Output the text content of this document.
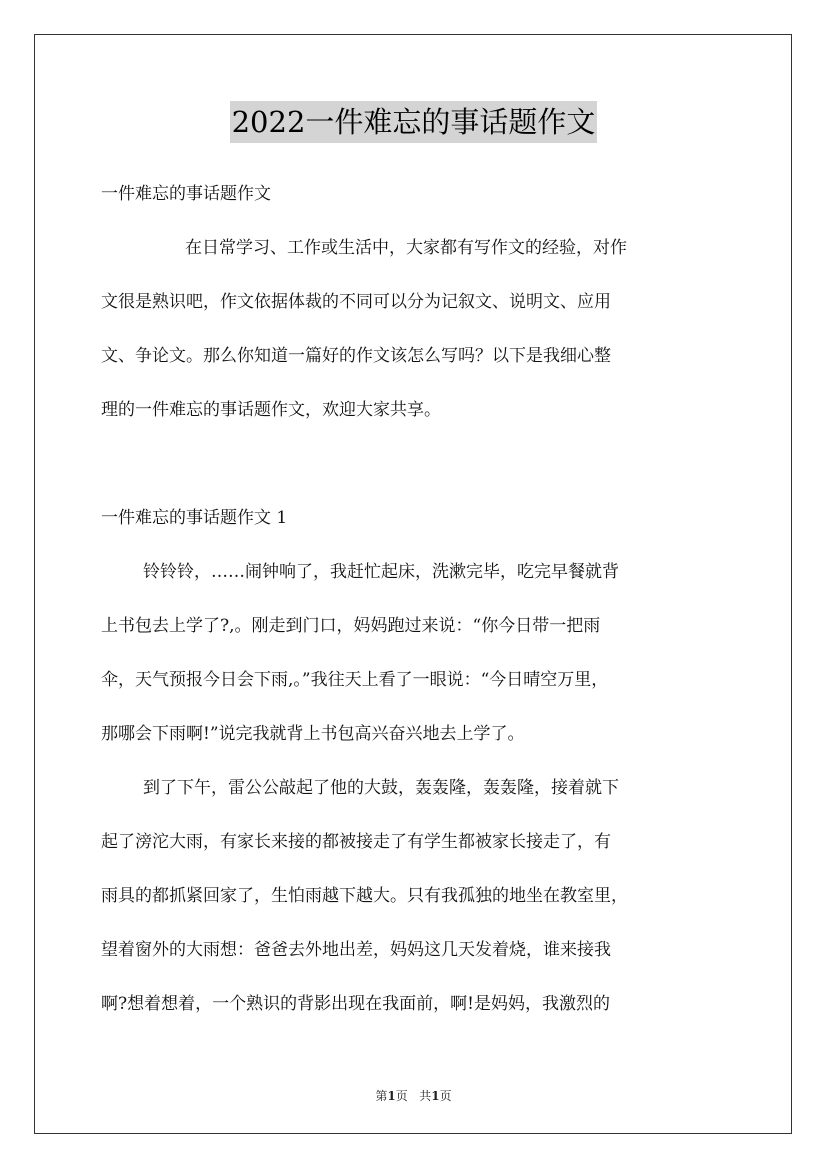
2022一件难忘的事话题作文
一件难忘的事话题作文
在日常学习、工作或生活中，大家都有写作文的经验，对作
文很是熟识吧，作文依据体裁的不同可以分为记叙文、说明文、应用
文、争论文。那么你知道一篇好的作文该怎么写吗？以下是我细心整
理的一件难忘的事话题作文，欢迎大家共享。
一件难忘的事话题作文 1
铃铃铃，……闹钟响了，我赶忙起床，洗漱完毕，吃完早餐就背
上书包去上学了?,。刚走到门口，妈妈跑过来说：“你今日带一把雨
伞，天气预报今日会下雨,。”我往天上看了一眼说：“今日晴空万里，
那哪会下雨啊!”说完我就背上书包高兴奋兴地去上学了。
到了下午，雷公公敲起了他的大鼓，轰轰隆，轰轰隆，接着就下
起了滂沱大雨，有家长来接的都被接走了有学生都被家长接走了，有
雨具的都抓紧回家了，生怕雨越下越大。只有我孤独的地坐在教室里，
望着窗外的大雨想：爸爸去外地出差，妈妈这几天发着烧，谁来接我
啊?想着想着，一个熟识的背影出现在我面前，啊!是妈妈，我激烈的
第1页   共1页
